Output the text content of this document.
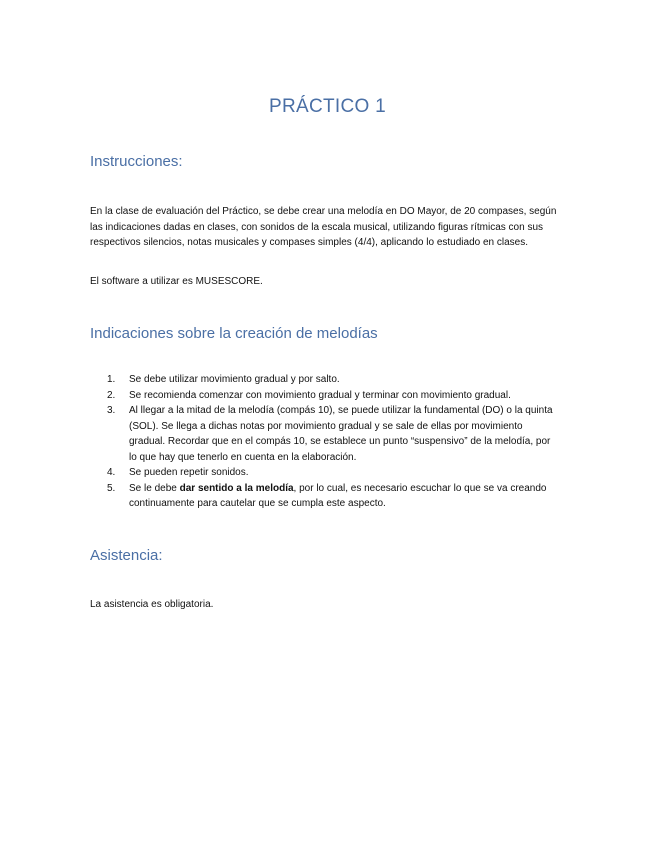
PRÁCTICO 1
Instrucciones:

En la clase de evaluación del Práctico, se debe crear una melodía en DO Mayor, de 20 compases, según las indicaciones dadas en clases, con sonidos de la escala musical, utilizando figuras rítmicas con sus respectivos silencios, notas musicales y compases simples (4/4), aplicando lo estudiado en clases.

El software a utilizar es MUSESCORE.

Indicaciones sobre la creación de melodías
1. Se debe utilizar movimiento gradual y por salto.
2. Se recomienda comenzar con movimiento gradual y terminar con movimiento gradual.
3. Al llegar a la mitad de la melodía (compás 10), se puede utilizar la fundamental (DO) o la quinta (SOL). Se llega a dichas notas por movimiento gradual y se sale de ellas por movimiento gradual. Recordar que en el compás 10, se establece un punto “suspensivo” de la melodía, por lo que hay que tenerlo en cuenta en la elaboración.
4. Se pueden repetir sonidos.
5. Se le debe dar sentido a la melodía, por lo cual, es necesario escuchar lo que se va creando continuamente para cautelar que se cumpla este aspecto.
Asistencia:

La asistencia es obligatoria.
